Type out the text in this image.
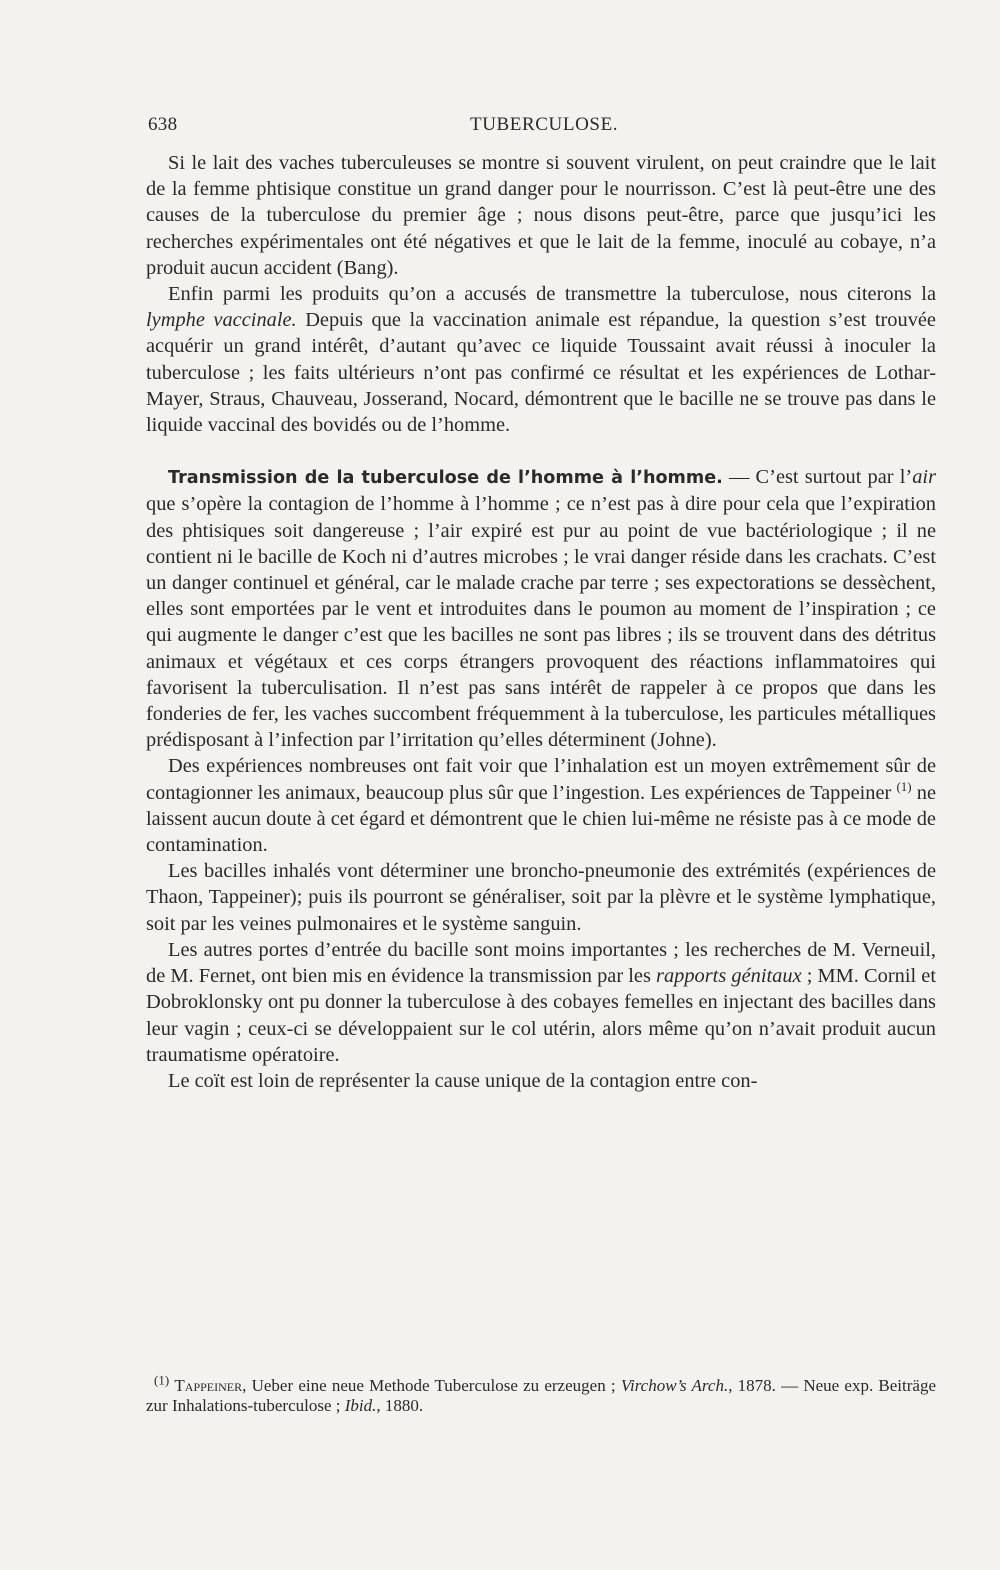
638	TUBERCULOSE.

Si le lait des vaches tuberculeuses se montre si souvent virulent, on peut craindre que le lait de la femme phtisique constitue un grand danger pour le nourrisson. C’est là peut-être une des causes de la tuberculose du premier âge ; nous disons peut-être, parce que jusqu’ici les recherches expérimentales ont été négatives et que le lait de la femme, inoculé au cobaye, n’a produit aucun accident (Bang).

Enfin parmi les produits qu’on a accusés de transmettre la tuberculose, nous citerons la lymphe vaccinale. Depuis que la vaccination animale est répandue, la question s’est trouvée acquérir un grand intérêt, d’autant qu’avec ce liquide Toussaint avait réussi à inoculer la tuberculose ; les faits ultérieurs n’ont pas confirmé ce résultat et les expériences de Lothar-Mayer, Straus, Chauveau, Josserand, Nocard, démontrent que le bacille ne se trouve pas dans le liquide vaccinal des bovidés ou de l’homme.

Transmission de la tuberculose de l’homme à l’homme. — C’est surtout par l’air que s’opère la contagion de l’homme à l’homme ; ce n’est pas à dire pour cela que l’expiration des phtisiques soit dangereuse ; l’air expiré est pur au point de vue bactériologique ; il ne contient ni le bacille de Koch ni d’autres microbes ; le vrai danger réside dans les crachats. C’est un danger continuel et général, car le malade crache par terre ; ses expectorations se dessèchent, elles sont emportées par le vent et introduites dans le poumon au moment de l’inspiration ; ce qui augmente le danger c’est que les bacilles ne sont pas libres ; ils se trouvent dans des détritus animaux et végétaux et ces corps étrangers provoquent des réactions inflammatoires qui favorisent la tuberculisation. Il n’est pas sans intérêt de rappeler à ce propos que dans les fonderies de fer, les vaches succombent fréquemment à la tuberculose, les particules métalliques prédisposant à l’infection par l’irritation qu’elles déterminent (Johne).

Des expériences nombreuses ont fait voir que l’inhalation est un moyen extrêmement sûr de contagionner les animaux, beaucoup plus sûr que l’ingestion. Les expériences de Tappeiner $^{(1)}$ ne laissent aucun doute à cet égard et démontrent que le chien lui-même ne résiste pas à ce mode de contamination.

Les bacilles inhalés vont déterminer une broncho-pneumonie des extrémités (expériences de Thaon, Tappeiner); puis ils pourront se généraliser, soit par la plèvre et le système lymphatique, soit par les veines pulmonaires et le système sanguin.

Les autres portes d’entrée du bacille sont moins importantes ; les recherches de M. Verneuil, de M. Fernet, ont bien mis en évidence la transmission par les rapports génitaux ; MM. Cornil et Dobroklonsky ont pu donner la tuberculose à des cobayes femelles en injectant des bacilles dans leur vagin ; ceux-ci se développaient sur le col utérin, alors même qu’on n’avait produit aucun traumatisme opératoire.

Le coït est loin de représenter la cause unique de la contagion entre con-

$^{(1)}$ Tappeiner, Ueber eine neue Methode Tuberculose zu erzeugen ; Virchow’s Arch., 1878. — Neue exp. Beiträge zur Inhalations-tuberculose ; Ibid., 1880.
